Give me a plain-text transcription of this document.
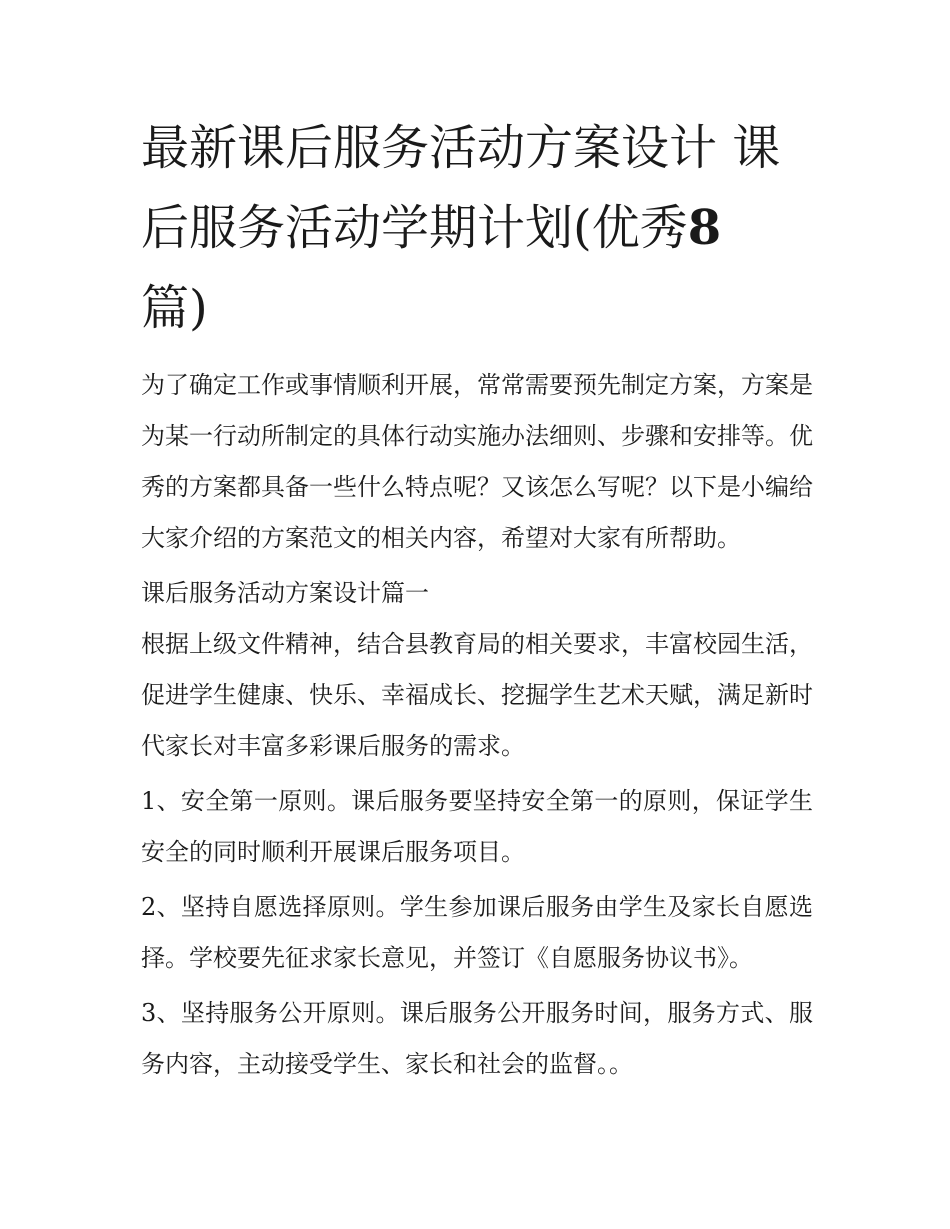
最新课后服务活动方案设计 课后服务活动学期计划(优秀8
篇)

为了确定工作或事情顺利开展，常常需要预先制定方案，方案是为某一行动所制定的具体行动实施办法细则、步骤和安排等。优秀的方案都具备一些什么特点呢？又该怎么写呢？以下是小编给大家介绍的方案范文的相关内容，希望对大家有所帮助。

课后服务活动方案设计篇一

根据上级文件精神，结合县教育局的相关要求，丰富校园生活，促进学生健康、快乐、幸福成长、挖掘学生艺术天赋，满足新时代家长对丰富多彩课后服务的需求。

1、安全第一原则。课后服务要坚持安全第一的原则，保证学生安全的同时顺利开展课后服务项目。

2、坚持自愿选择原则。学生参加课后服务由学生及家长自愿选择。学校要先征求家长意见，并签订《自愿服务协议书》。

3、坚持服务公开原则。课后服务公开服务时间，服务方式、服务内容，主动接受学生、家长和社会的监督。。
